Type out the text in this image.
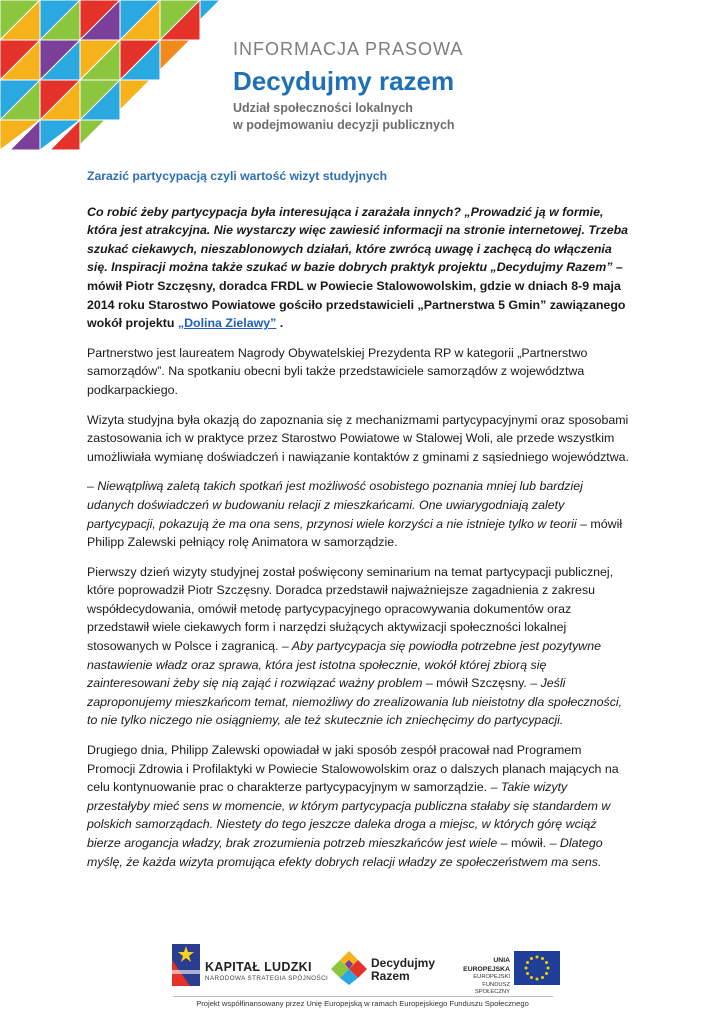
INFORMACJA PRASOWA
Decydujmy razem
Udział społeczności lokalnych
w podejmowaniu decyzji publicznych
Zarazić partycypacją czyli wartość wizyt studyjnych

Co robić żeby partycypacja była interesująca i zarażała innych? „Prowadzić ją w formie, która jest atrakcyjna. Nie wystarczy więc zawiesić informacji na stronie internetowej. Trzeba szukać ciekawych, nieszablonowych działań, które zwrócą uwagę i zachęcą do włączenia się. Inspiracji można także szukać w bazie dobrych praktyk projektu „Decydujmy Razem” – mówił Piotr Szczęsny, doradca FRDL w Powiecie Stalowowolskim, gdzie w dniach 8-9 maja 2014 roku Starostwo Powiatowe gościło przedstawicieli „Partnerstwa 5 Gmin” zawiązanego wokół projektu „Dolina Zielawy” .

Partnerstwo jest laureatem Nagrody Obywatelskiej Prezydenta RP w kategorii „Partnerstwo samorządów”. Na spotkaniu obecni byli także przedstawiciele samorządów z województwa podkarpackiego.

Wizyta studyjna była okazją do zapoznania się z mechanizmami partycypacyjnymi oraz sposobami zastosowania ich w praktyce przez Starostwo Powiatowe w Stalowej Woli, ale przede wszystkim umożliwiała wymianę doświadczeń i nawiązanie kontaktów z gminami z sąsiedniego województwa.

– Niewątpliwą zaletą takich spotkań jest możliwość osobistego poznania mniej lub bardziej udanych doświadczeń w budowaniu relacji z mieszkańcami. One uwiarygodniają zalety partycypacji, pokazują że ma ona sens, przynosi wiele korzyści a nie istnieje tylko w teorii – mówił Philipp Zalewski pełniący rolę Animatora w samorządzie.

Pierwszy dzień wizyty studyjnej został poświęcony seminarium na temat partycypacji publicznej, które poprowadził Piotr Szczęsny. Doradca przedstawił najważniejsze zagadnienia z zakresu współdecydowania, omówił metodę partycypacyjnego opracowywania dokumentów oraz przedstawił wiele ciekawych form i narzędzi służących aktywizacji społeczności lokalnej stosowanych w Polsce i zagranicą. – Aby partycypacja się powiodła potrzebne jest pozytywne nastawienie władz oraz sprawa, która jest istotna społecznie, wokół której zbiorą się zainteresowani żeby się nią zająć i rozwiązać ważny problem – mówił Szczęsny. – Jeśli zaproponujemy mieszkańcom temat, niemożliwy do zrealizowania lub nieistotny dla społeczności, to nie tylko niczego nie osiągniemy, ale też skutecznie ich zniechęcimy do partycypacji.

Drugiego dnia, Philipp Zalewski opowiadał w jaki sposób zespół pracował nad Programem Promocji Zdrowia i Profilaktyki w Powiecie Stalowowolskim oraz o dalszych planach mających na celu kontynuowanie prac o charakterze partycypacyjnym w samorządzie. – Takie wizyty przestałyby mieć sens w momencie, w którym partycypacja publiczna stałaby się standardem w polskich samorządach. Niestety do tego jeszcze daleka droga a miejsc, w których górę wciąż bierze arogancja władzy, brak zrozumienia potrzeb mieszkańców jest wiele – mówił. – Dlatego myślę, że każda wizyta promująca efekty dobrych relacji władzy ze społeczeństwem ma sens.

KAPITAŁ LUDZKI
NARODOWA STRATEGIA SPÓJNOŚCI
Decydujmy
Razem
UNIA EUROPEJSKA
EUROPEJSKI
FUNDUSZ SPOŁECZNY
Projekt współfinansowany przez Unię Europejską w ramach Europejskiego Funduszu Społecznego
